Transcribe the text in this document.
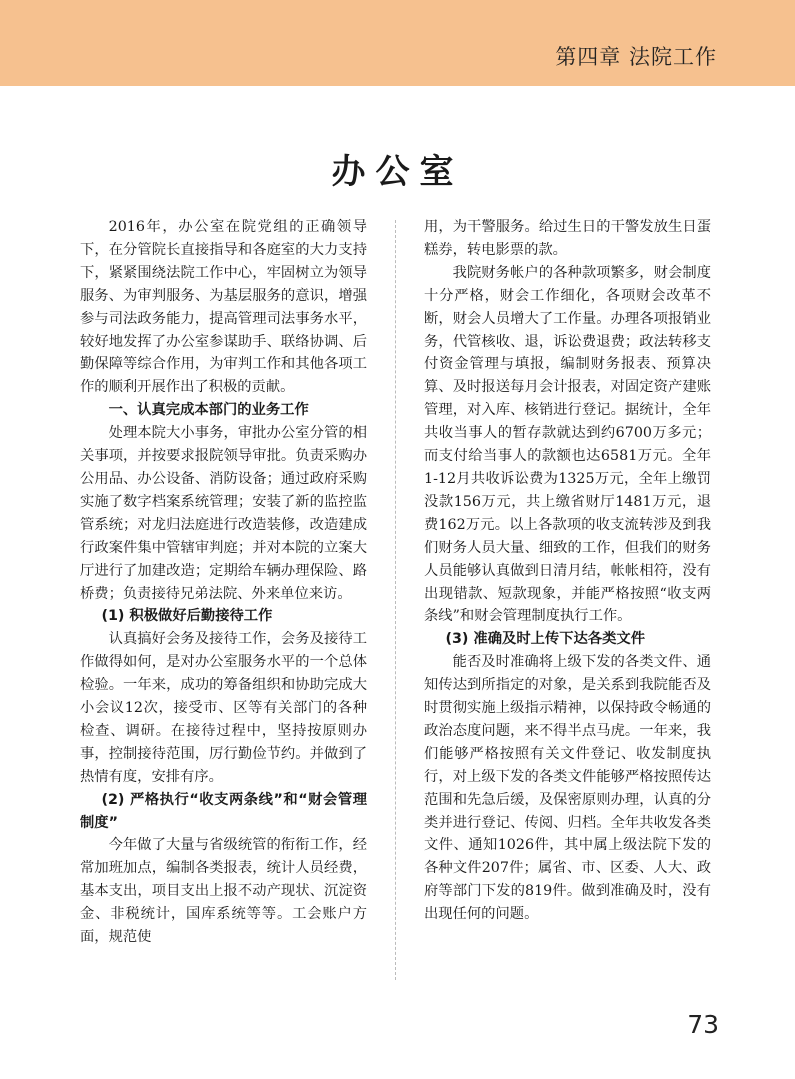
第四章 法院工作
办公室

2016年，办公室在院党组的正确领导下，在分管院长直接指导和各庭室的大力支持下，紧紧围绕法院工作中心，牢固树立为领导服务、为审判服务、为基层服务的意识，增强参与司法政务能力，提高管理司法事务水平，较好地发挥了办公室参谋助手、联络协调、后勤保障等综合作用，为审判工作和其他各项工作的顺利开展作出了积极的贡献。

一、认真完成本部门的业务工作

处理本院大小事务，审批办公室分管的相关事项，并按要求报院领导审批。负责采购办公用品、办公设备、消防设备；通过政府采购实施了数字档案系统管理；安装了新的监控监管系统；对龙归法庭进行改造装修，改造建成行政案件集中管辖审判庭；并对本院的立案大厅进行了加建改造；定期给车辆办理保险、路桥费；负责接待兄弟法院、外来单位来访。

(1) 积极做好后勤接待工作

认真搞好会务及接待工作，会务及接待工作做得如何，是对办公室服务水平的一个总体检验。一年来，成功的筹备组织和协助完成大小会议12次，接受市、区等有关部门的各种检查、调研。在接待过程中，坚持按原则办事，控制接待范围，厉行勤俭节约。并做到了热情有度，安排有序。

(2) 严格执行“收支两条线”和“财会管理制度”

今年做了大量与省级统管的衔衔工作，经常加班加点，编制各类报表，统计人员经费，基本支出，项目支出上报不动产现状、沉淀资金、非税统计，国库系统等等。工会账户方面，规范使

用，为干警服务。给过生日的干警发放生日蛋糕券，转电影票的款。

我院财务帐户的各种款项繁多，财会制度十分严格，财会工作细化，各项财会改革不断，财会人员增大了工作量。办理各项报销业务，代管核收、退，诉讼费退费；政法转移支付资金管理与填报，编制财务报表、预算决算、及时报送每月会计报表，对固定资产建账管理，对入库、核销进行登记。据统计，全年共收当事人的暂存款就达到约6700万多元；而支付给当事人的款额也达6581万元。全年1-12月共收诉讼费为1325万元，全年上缴罚没款156万元，共上缴省财厅1481万元，退费162万元。以上各款项的收支流转涉及到我们财务人员大量、细致的工作，但我们的财务人员能够认真做到日清月结，帐帐相符，没有出现错款、短款现象，并能严格按照“收支两条线”和财会管理制度执行工作。

(3) 准确及时上传下达各类文件

能否及时准确将上级下发的各类文件、通知传达到所指定的对象，是关系到我院能否及时贯彻实施上级指示精神，以保持政令畅通的政治态度问题，来不得半点马虎。一年来，我们能够严格按照有关文件登记、收发制度执行，对上级下发的各类文件能够严格按照传达范围和先急后缓，及保密原则办理，认真的分类并进行登记、传阅、归档。全年共收发各类文件、通知1026件，其中属上级法院下发的各种文件207件；属省、市、区委、人大、政府等部门下发的819件。做到准确及时，没有出现任何的问题。

73
